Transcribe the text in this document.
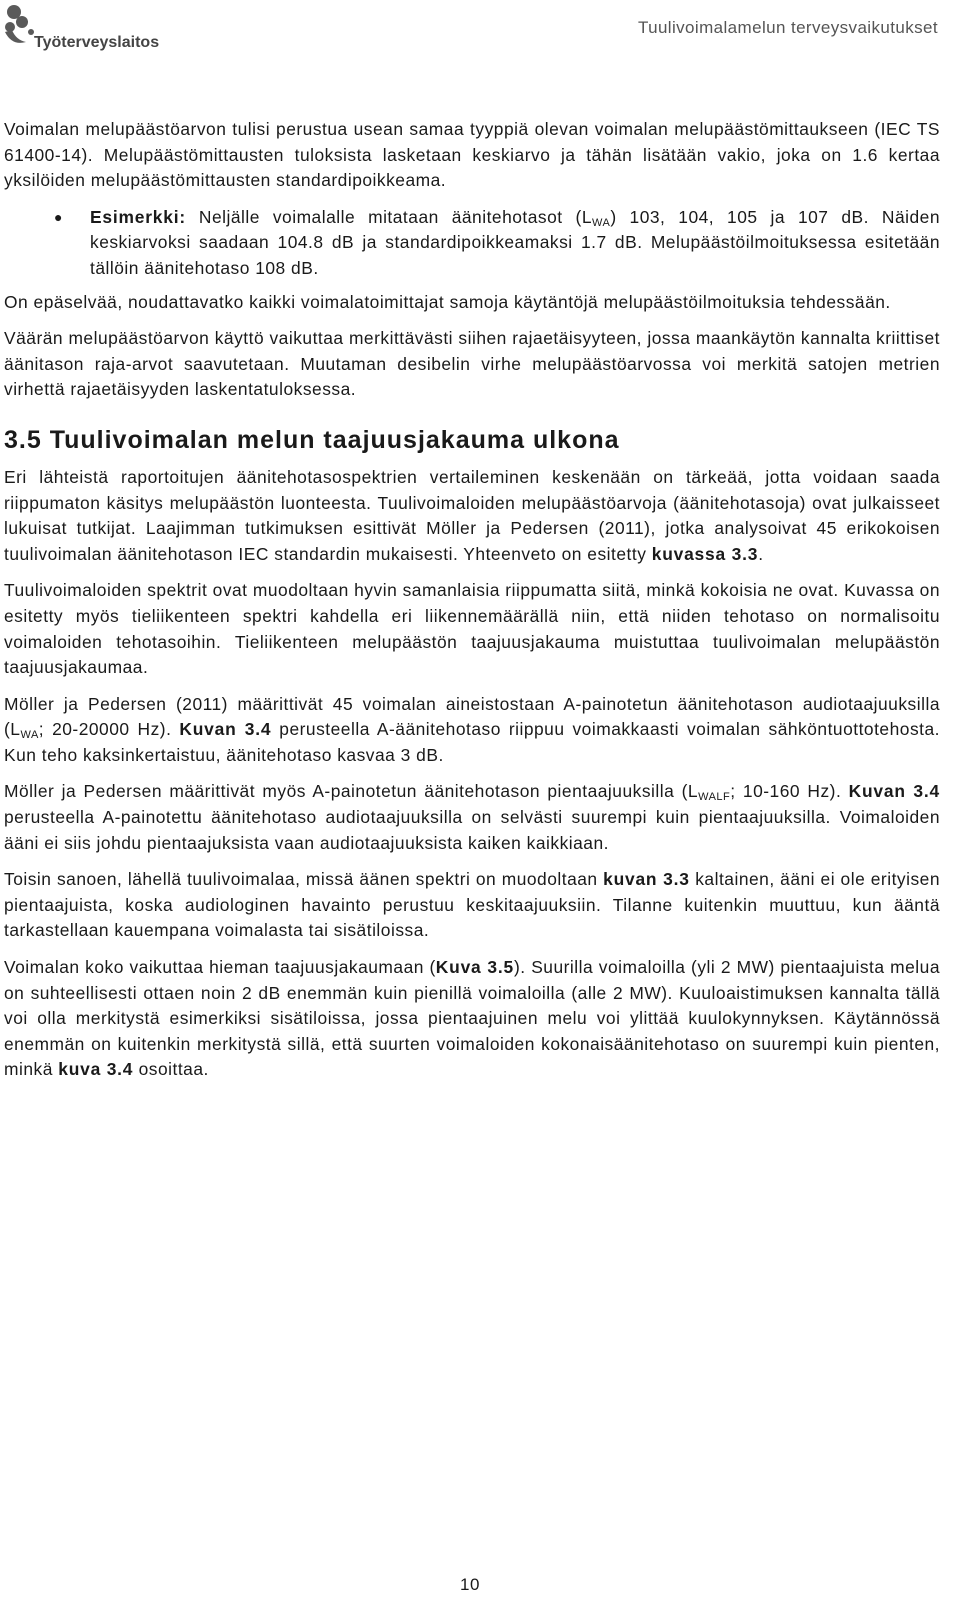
Työterveyslaitos
Tuulivoimalamelun terveysvaikutukset

Voimalan melupäästöarvon tulisi perustua usean samaa tyyppiä olevan voimalan melupäästömittaukseen (IEC TS 61400-14). Melupäästömittausten tuloksista lasketaan keskiarvo ja tähän lisätään vakio, joka on 1.6 kertaa yksilöiden melupäästömittausten standardipoikkeama.

● Esimerkki: Neljälle voimalalle mitataan äänitehotasot $(L_{WA})$ 103, 104, 105 ja 107 dB. Näiden keskiarvoksi saadaan 104.8 dB ja standardipoikkeamaksi 1.7 dB. Melupäästöilmoituksessa esitetään tällöin äänitehotaso 108 dB.

On epäselvää, noudattavatko kaikki voimalatoimittajat samoja käytäntöjä melupäästöilmoituksia tehdessään.

Väärän melupäästöarvon käyttö vaikuttaa merkittävästi siihen rajaetäisyyteen, jossa maankäytön kannalta kriittiset äänitason raja-arvot saavutetaan. Muutaman desibelin virhe melupäästöarvossa voi merkitä satojen metrien virhettä rajaetäisyyden laskentatuloksessa.

3.5 Tuulivoimalan melun taajuusjakauma ulkona

Eri lähteistä raportoitujen äänitehotasospektrien vertaileminen keskenään on tärkeää, jotta voidaan saada riippumaton käsitys melupäästön luonteesta. Tuulivoimaloiden melupäästöarvoja (äänitehotasoja) ovat julkaisseet lukuisat tutkijat. Laajimman tutkimuksen esittivät Möller ja Pedersen (2011), jotka analysoivat 45 erikokoisen tuulivoimalan äänitehotason IEC standardin mukaisesti. Yhteenveto on esitetty kuvassa 3.3.

Tuulivoimaloiden spektrit ovat muodoltaan hyvin samanlaisia riippumatta siitä, minkä kokoisia ne ovat. Kuvassa on esitetty myös tieliikenteen spektri kahdella eri liikennemäärällä niin, että niiden tehotaso on normalisoitu voimaloiden tehotasoihin. Tieliikenteen melupäästön taajuusjakauma muistuttaa tuulivoimalan melupäästön taajuusjakaumaa.

Möller ja Pedersen (2011) määrittivät 45 voimalan aineistostaan A-painotetun äänitehotason audiotaajuuksilla ($L_{WA}$; 20-20000 Hz). Kuvan 3.4 perusteella A-äänitehotaso riippuu voimakkaasti voimalan sähköntuottotehosta. Kun teho kaksinkertaistuu, äänitehotaso kasvaa 3 dB.

Möller ja Pedersen määrittivät myös A-painotetun äänitehotason pientaajuuksilla ($L_{WALF}$; 10-160 Hz). Kuvan 3.4 perusteella A-painotettu äänitehotaso audiotaajuuksilla on selvästi suurempi kuin pientaajuuksilla. Voimaloiden ääni ei siis johdu pientaajuksista vaan audiotaajuuksista kaiken kaikkiaan.

Toisin sanoen, lähellä tuulivoimalaa, missä äänen spektri on muodoltaan kuvan 3.3 kaltainen, ääni ei ole erityisen pientaajuista, koska audiologinen havainto perustuu keskitaajuuksiin. Tilanne kuitenkin muuttuu, kun ääntä tarkastellaan kauempana voimalasta tai sisätiloissa.

Voimalan koko vaikuttaa hieman taajuusjakaumaan (Kuva 3.5). Suurilla voimaloilla (yli 2 MW) pientaajuista melua on suhteellisesti ottaen noin 2 dB enemmän kuin pienillä voimaloilla (alle 2 MW). Kuuloaistimuksen kannalta tällä voi olla merkitystä esimerkiksi sisätiloissa, jossa pientaajuinen melu voi ylittää kuulokynnyksen. Käytännössä enemmän on kuitenkin merkitystä sillä, että suurten voimaloiden kokonaisäänitehotaso on suurempi kuin pienten, minkä kuva 3.4 osoittaa.

10
